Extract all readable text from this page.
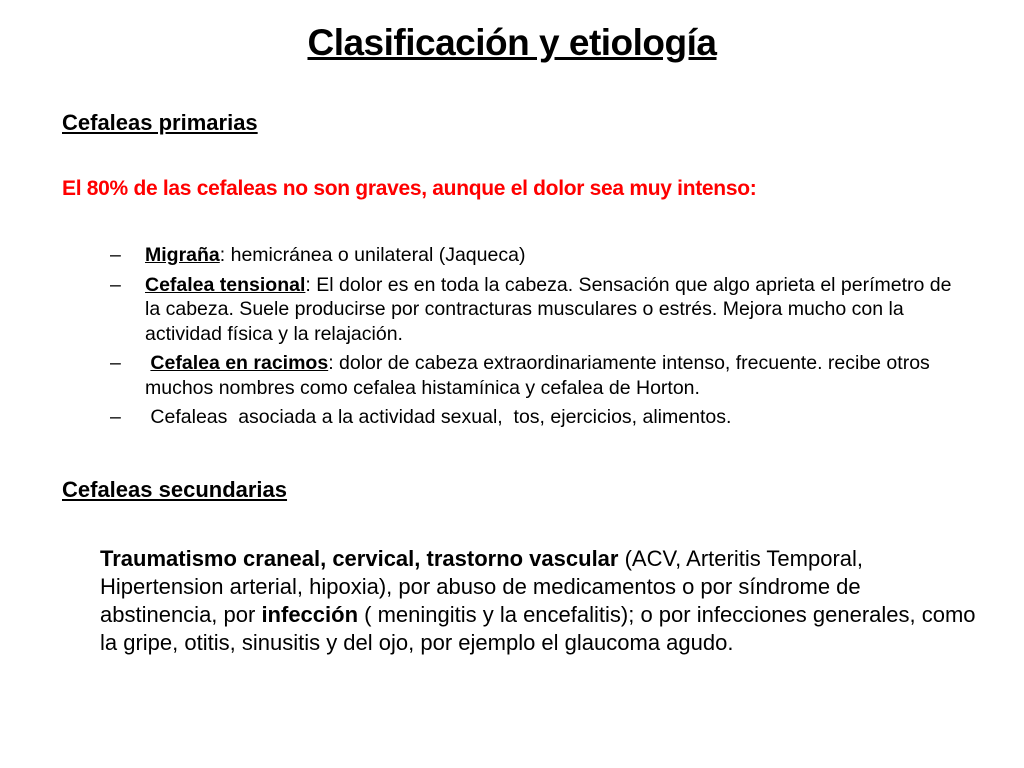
Clasificación y etiología
Cefaleas primarias
El 80% de las cefaleas no son graves, aunque el dolor sea muy intenso:
– Migraña: hemicránea o unilateral (Jaqueca)
– Cefalea tensional: El dolor es en toda la cabeza. Sensación que algo aprieta el perímetro de la cabeza. Suele producirse por contracturas musculares o estrés. Mejora mucho con la actividad física y la relajación.
– Cefalea en racimos: dolor de cabeza extraordinariamente intenso, frecuente. recibe otros muchos nombres como cefalea histamínica y cefalea de Horton.
– Cefaleas  asociada a la actividad sexual,  tos, ejercicios, alimentos.
Cefaleas secundarias
Traumatismo craneal, cervical, trastorno vascular (ACV, Arteritis Temporal, Hipertension arterial, hipoxia), por abuso de medicamentos o por síndrome de abstinencia, por infección ( meningitis y la encefalitis); o por infecciones generales, como la gripe, otitis, sinusitis y del ojo, por ejemplo el glaucoma agudo.
